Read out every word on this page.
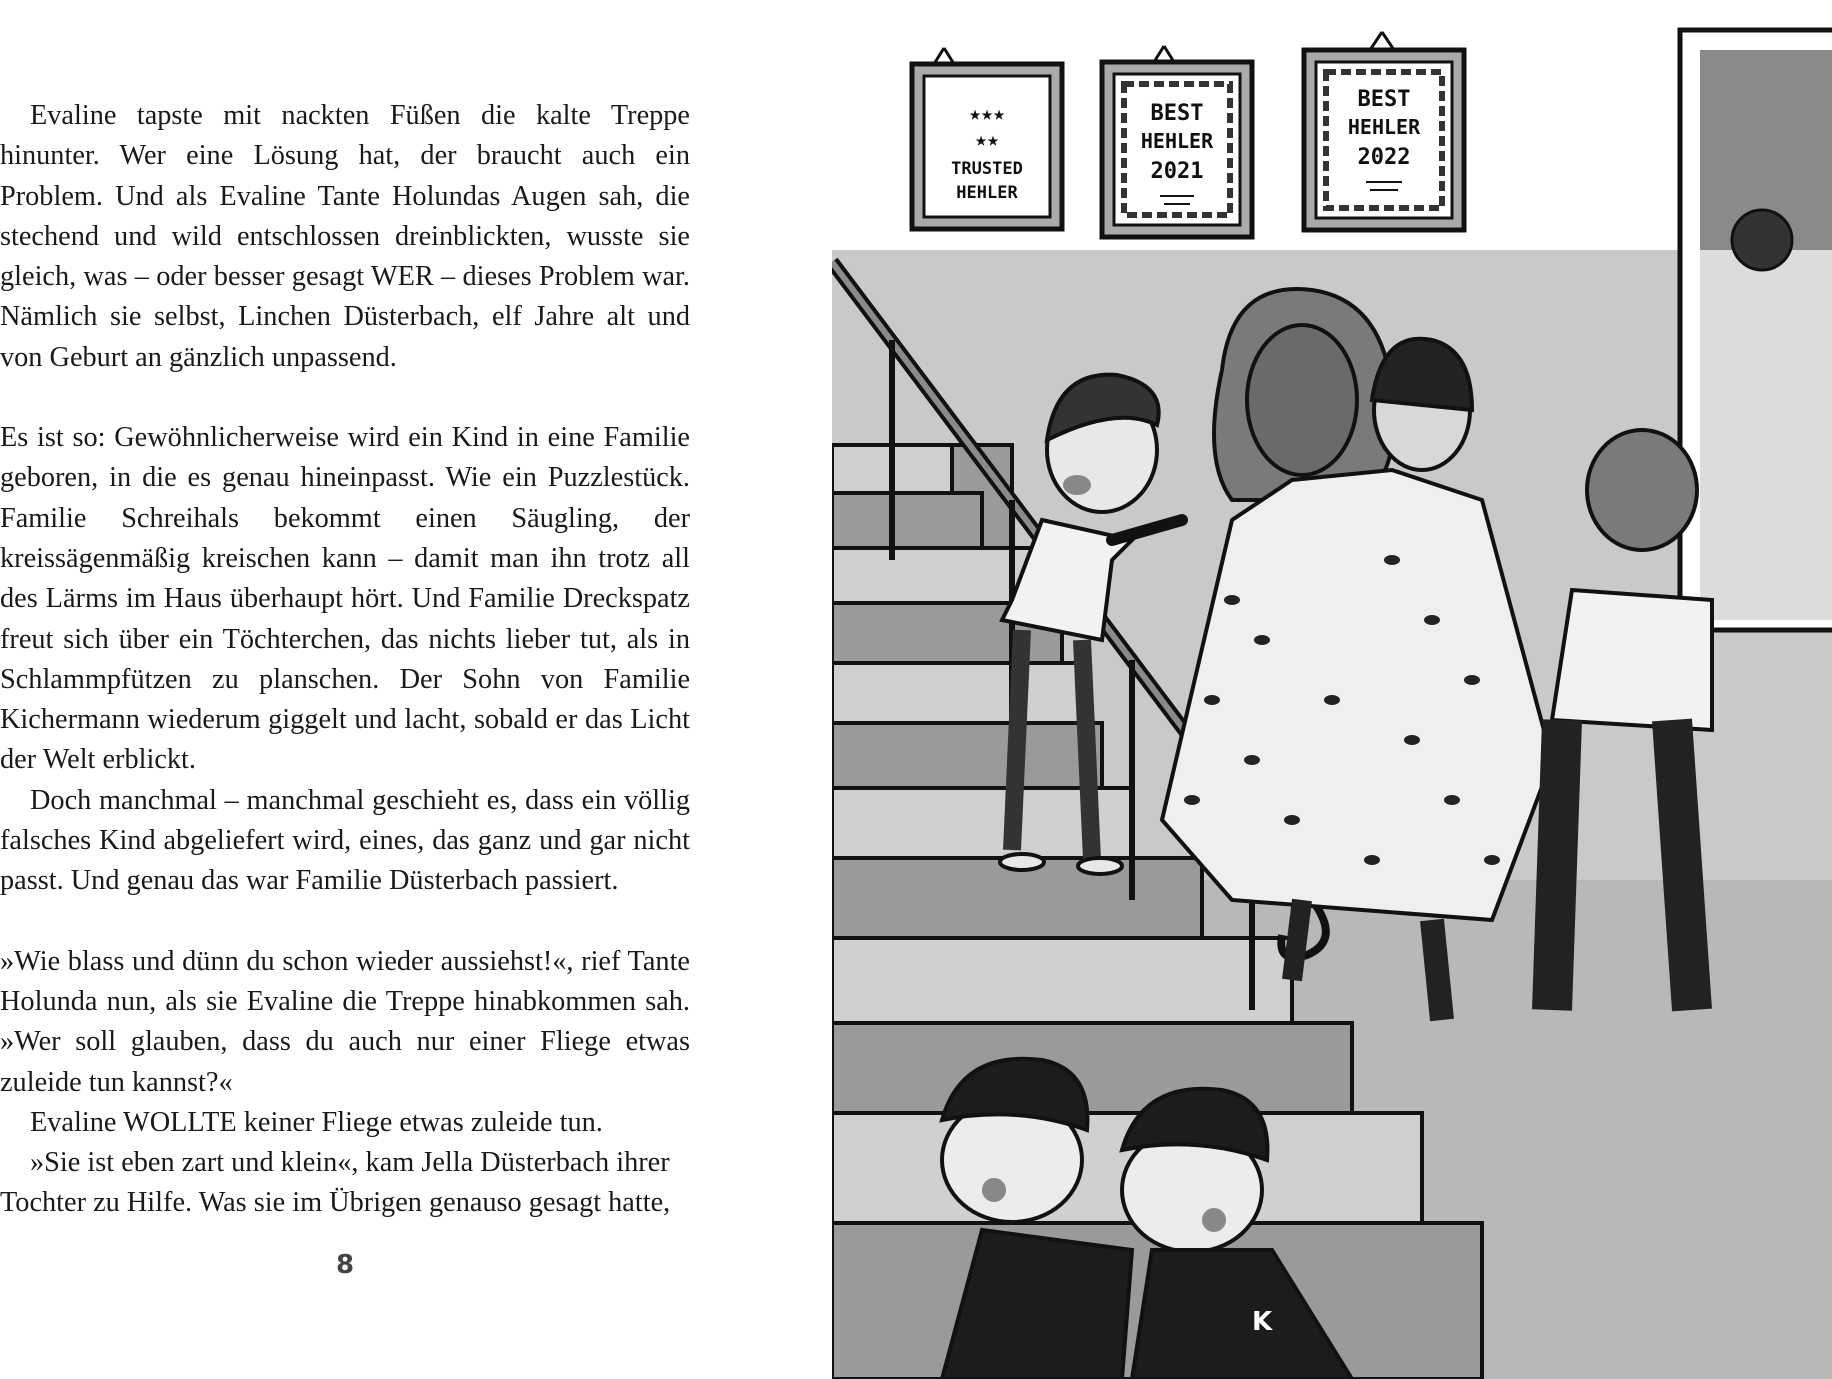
Evaline tapste mit nackten Füßen die kalte Treppe hinunter. Wer eine Lösung hat, der braucht auch ein Problem. Und als Evaline Tante Holundas Augen sah, die stechend und wild entschlossen dreinblickten, wusste sie gleich, was – oder besser gesagt WER – dieses Problem war. Nämlich sie selbst, Linchen Düsterbach, elf Jahre alt und von Geburt an gänzlich unpassend.

Es ist so: Gewöhnlicherweise wird ein Kind in eine Familie geboren, in die es genau hineinpasst. Wie ein Puzzlestück. Familie Schreihals bekommt einen Säugling, der kreissägenmäßig kreischen kann – damit man ihn trotz all des Lärms im Haus überhaupt hört. Und Familie Dreckspatz freut sich über ein Töchterchen, das nichts lieber tut, als in Schlammpfützen zu planschen. Der Sohn von Familie Kichermann wiederum giggelt und lacht, sobald er das Licht der Welt erblickt.

Doch manchmal – manchmal geschieht es, dass ein völlig falsches Kind abgeliefert wird, eines, das ganz und gar nicht passt. Und genau das war Familie Düsterbach passiert.

»Wie blass und dünn du schon wieder aussiehst!«, rief Tante Holunda nun, als sie Evaline die Treppe hinabkommen sah. »Wer soll glauben, dass du auch nur einer Fliege etwas zuleide tun kannst?«

Evaline WOLLTE keiner Fliege etwas zuleide tun.

»Sie ist eben zart und klein«, kam Jella Düsterbach ihrer Tochter zu Hilfe. Was sie im Übrigen genauso gesagt hatte,

8
★★★
★★
TRUSTED
HEHLER
BEST
HEHLER
2021
BEST
HEHLER
2022
K
